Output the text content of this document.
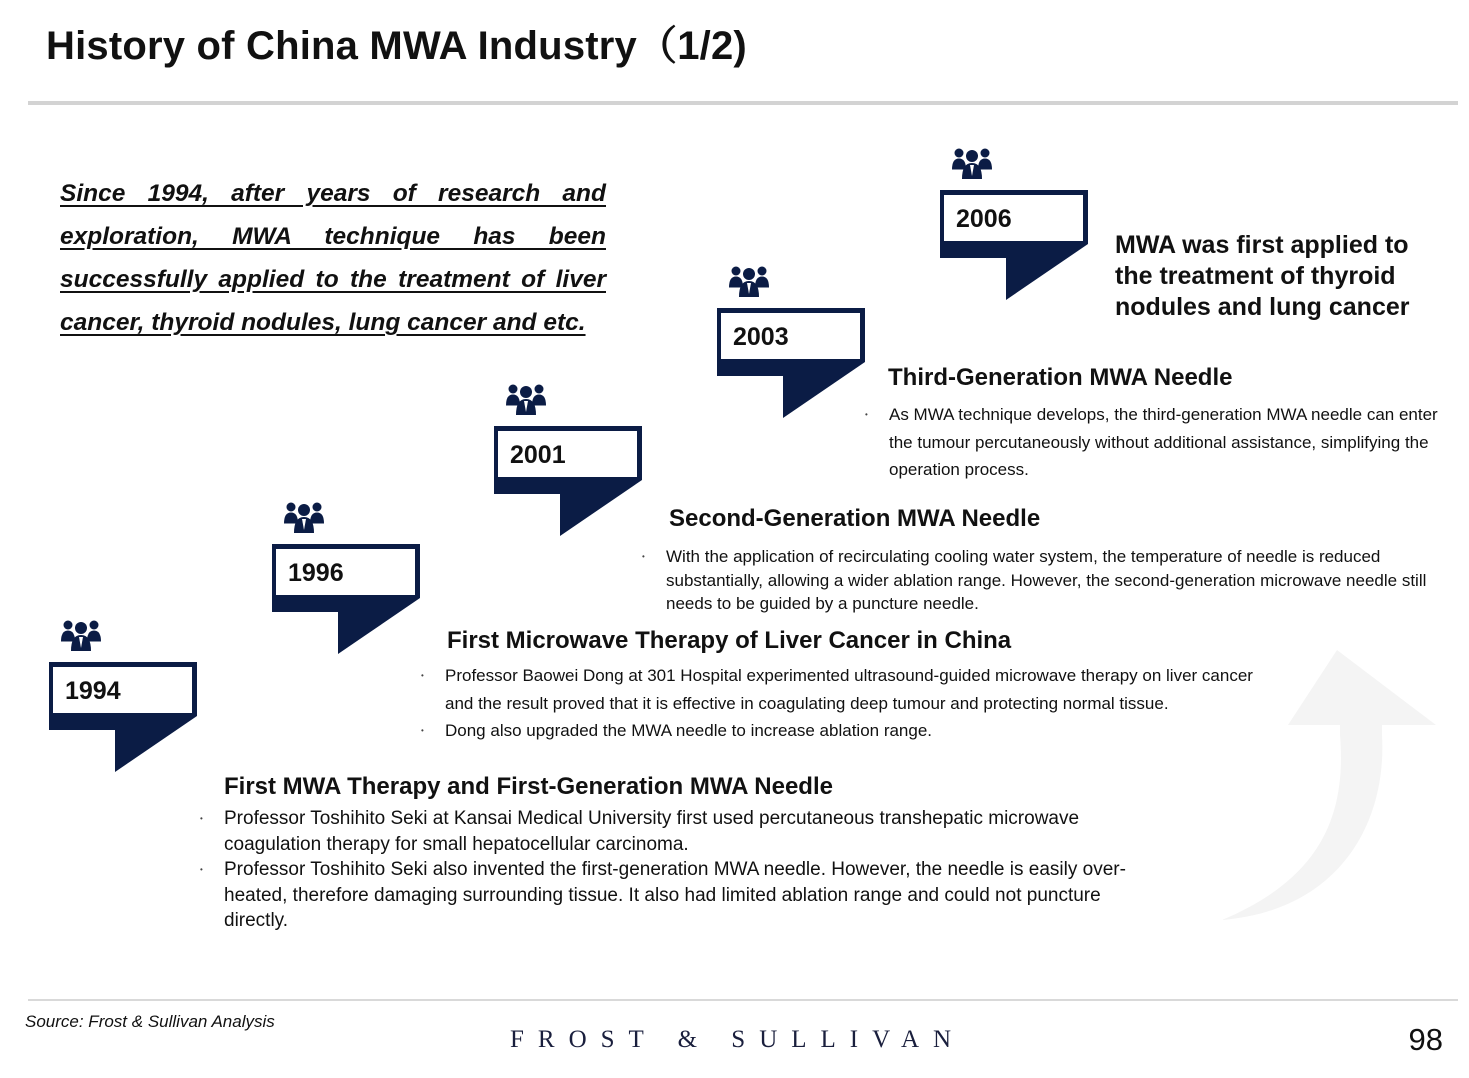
History of China MWA Industry（1/2)
Since 1994, after years of research and exploration, MWA technique has been successfully applied to the treatment of liver cancer, thyroid nodules, lung cancer and etc.
1994
1996
2001
2003
2006
MWA was first applied to the treatment of thyroid nodules and lung cancer
Third-Generation MWA Needle
• As MWA technique develops, the third-generation MWA needle can enter the tumour percutaneously without additional assistance, simplifying the operation process.
Second-Generation MWA Needle
• With the application of recirculating cooling water system, the temperature of needle is reduced substantially, allowing a wider ablation range. However, the second-generation microwave needle still needs to be guided by a puncture needle.
First Microwave Therapy of Liver Cancer in China
• Professor Baowei Dong at 301 Hospital experimented ultrasound-guided microwave therapy on liver cancer and the result proved that it is effective in coagulating deep tumour and protecting normal tissue.
• Dong also upgraded the MWA needle to increase ablation range.
First MWA Therapy and First-Generation MWA Needle
• Professor Toshihito Seki at Kansai Medical University first used percutaneous transhepatic microwave coagulation therapy for small hepatocellular carcinoma.
• Professor Toshihito Seki also invented the first-generation MWA needle. However, the needle is easily over-heated, therefore damaging surrounding tissue. It also had limited ablation range and could not puncture directly.
Source: Frost & Sullivan Analysis
FROST & SULLIVAN	98
